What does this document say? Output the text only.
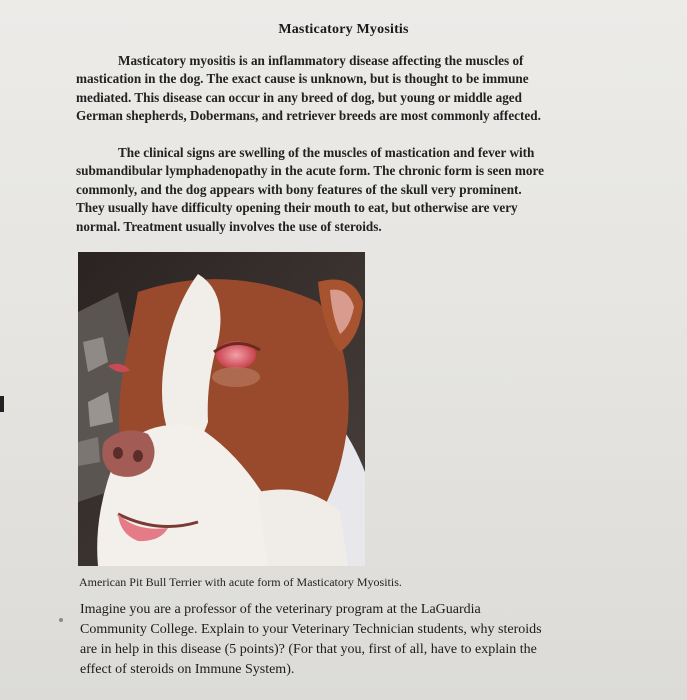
Masticatory Myositis
Masticatory myositis is an inflammatory disease affecting the muscles of
mastication in the dog. The exact cause is unknown, but is thought to be immune
mediated. This disease can occur in any breed of dog, but young or middle aged
German shepherds, Dobermans, and retriever breeds are most commonly affected.
The clinical signs are swelling of the muscles of mastication and fever with
submandibular lymphadenopathy in the acute form. The chronic form is seen more
commonly, and the dog appears with bony features of the skull very prominent.
They usually have difficulty opening their mouth to eat, but otherwise are very
normal. Treatment usually involves the use of steroids.
American Pit Bull Terrier with acute form of Masticatory Myositis.
Imagine you are a professor of the veterinary program at the LaGuardia
Community College. Explain to your Veterinary Technician students, why steroids
are in help in this disease (5 points)? (For that you, first of all, have to explain the
effect of steroids on Immune System).
